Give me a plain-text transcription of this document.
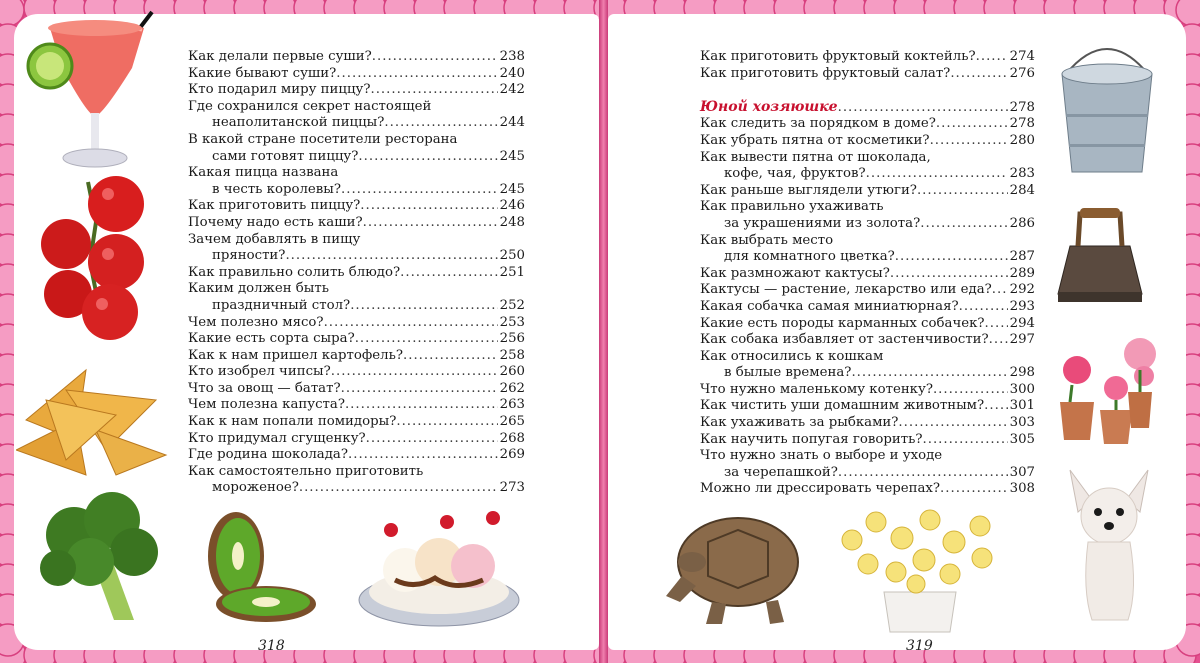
Как делали первые суши? .....	238
Какие бывают суши? .....	240
Кто подарил миру пиццу? .....	242
Где сохранился секрет настоящей
неаполитанской пиццы? .....	244
В какой стране посетители ресторана
сами готовят пиццу? .....	245
Какая пицца названа
в честь королевы? .....	245
Как приготовить пиццу? .....	246
Почему надо есть каши? .....	248
Зачем добавлять в пищу
пряности? .....	250
Как правильно солить блюдо? .....	251
Каким должен быть
праздничный стол? .....	252
Чем полезно мясо? .....	253
Какие есть сорта сыра? .....	256
Как к нам пришел картофель? .....	258
Кто изобрел чипсы? .....	260
Что за овощ — батат? .....	262
Чем полезна капуста? .....	263
Как к нам попали помидоры? .....	265
Кто придумал сгущенку? .....	268
Где родина шоколада? .....	269
Как самостоятельно приготовить
мороженое? .....	273
Как приготовить фруктовый коктейль? .....	274
Как приготовить фруктовый салат? .....	276
Юной хозяюшке .....	278
Как следить за порядком в доме? .....	278
Как убрать пятна от косметики? .....	280
Как вывести пятна от шоколада,
кофе, чая, фруктов? .....	283
Как раньше выглядели утюги? .....	284
Как правильно ухаживать
за украшениями из золота? .....	286
Как выбрать место
для комнатного цветка? .....	287
Как размножают кактусы? .....	289
Кактусы — растение, лекарство или еда? ..... 292
Какая собачка самая миниатюрная? .....	293
Какие есть породы карманных собачек? ..... 294
Как собака избавляет от застенчивости? ..... 297
Как относились к кошкам
в былые времена? .....	298
Что нужно маленькому котенку? .....	300
Как чистить уши домашним животным? ..... 301
Как ухаживать за рыбками? .....	303
Как научить попугая говорить? .....	305
Что нужно знать о выборе и уходе
за черепашкой? .....	307
Можно ли дрессировать черепах? .....	308
318	319
